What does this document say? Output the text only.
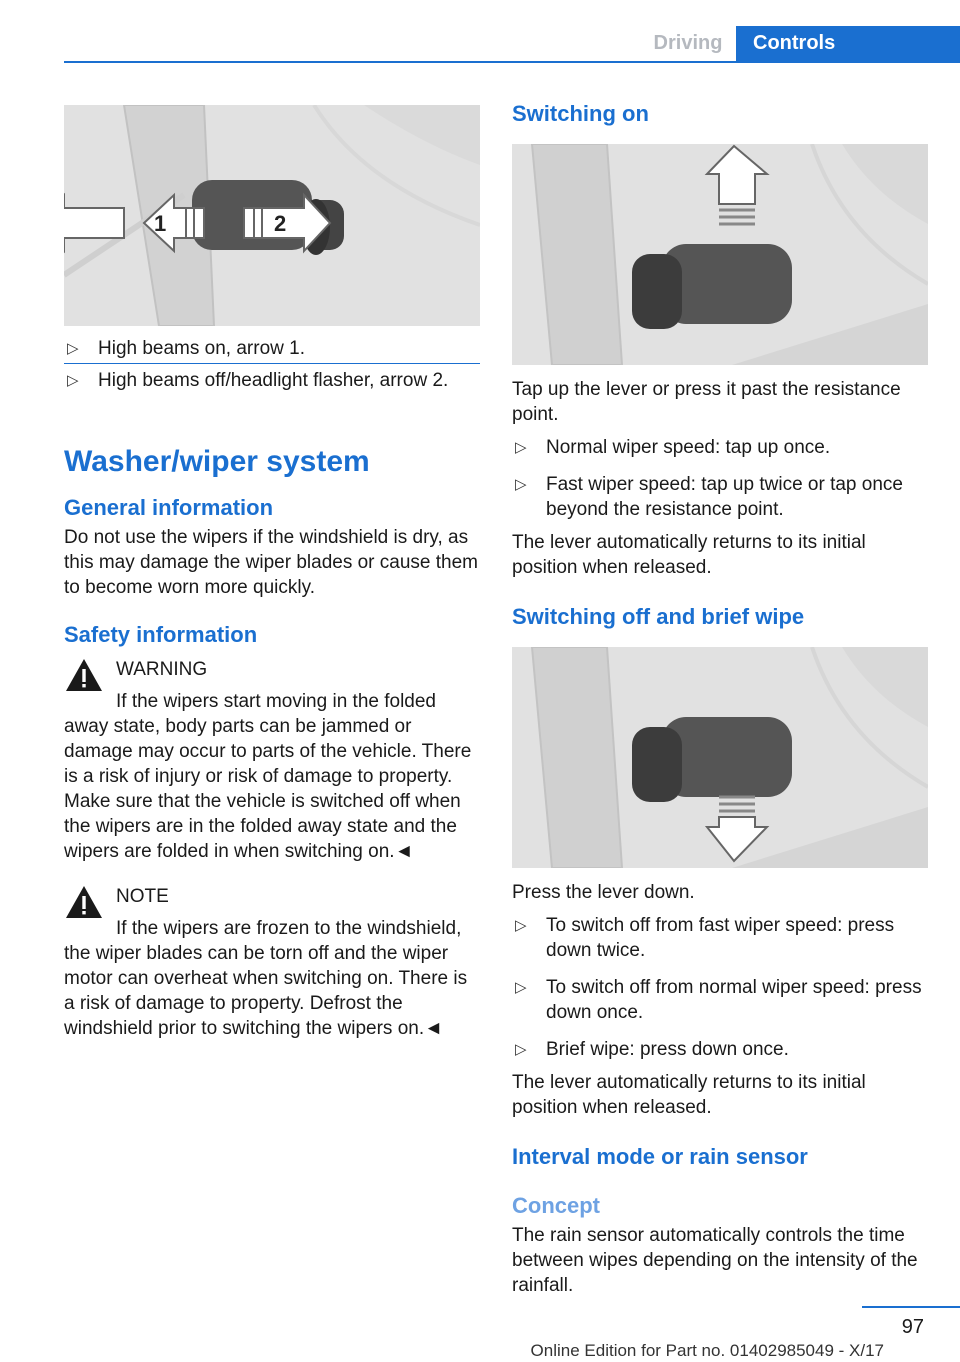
Driving	Controls
1	2
▷ High beams on, arrow 1.
▷ High beams off/headlight flasher, arrow 2.
Washer/wiper system
General information

Do not use the wipers if the windshield is dry, as this may damage the wiper blades or cause them to become worn more quickly.

Safety information

WARNING

If the wipers start moving in the folded

away state, body parts can be jammed or damage may occur to parts of the vehicle. There is a risk of injury or risk of damage to property. Make sure that the vehicle is switched off when the wipers are in the folded away state and the wipers are folded in when switching on.◄

NOTE

If the wipers are frozen to the windshield,

the wiper blades can be torn off and the wiper motor can overheat when switching on. There is a risk of damage to property. Defrost the windshield prior to switching the wipers on.◄

Switching on

Tap up the lever or press it past the resistance point.

▷ Normal wiper speed: tap up once.
▷ Fast wiper speed: tap up twice or tap once beyond the resistance point.

The lever automatically returns to its initial position when released.

Switching off and brief wipe

Press the lever down.

▷ To switch off from fast wiper speed: press down twice.
▷ To switch off from normal wiper speed: press down once.
▷ Brief wipe: press down once.

The lever automatically returns to its initial position when released.

Interval mode or rain sensor
Concept

The rain sensor automatically controls the time between wipes depending on the intensity of the rainfall.

97
Online Edition for Part no. 01402985049 - X/17
